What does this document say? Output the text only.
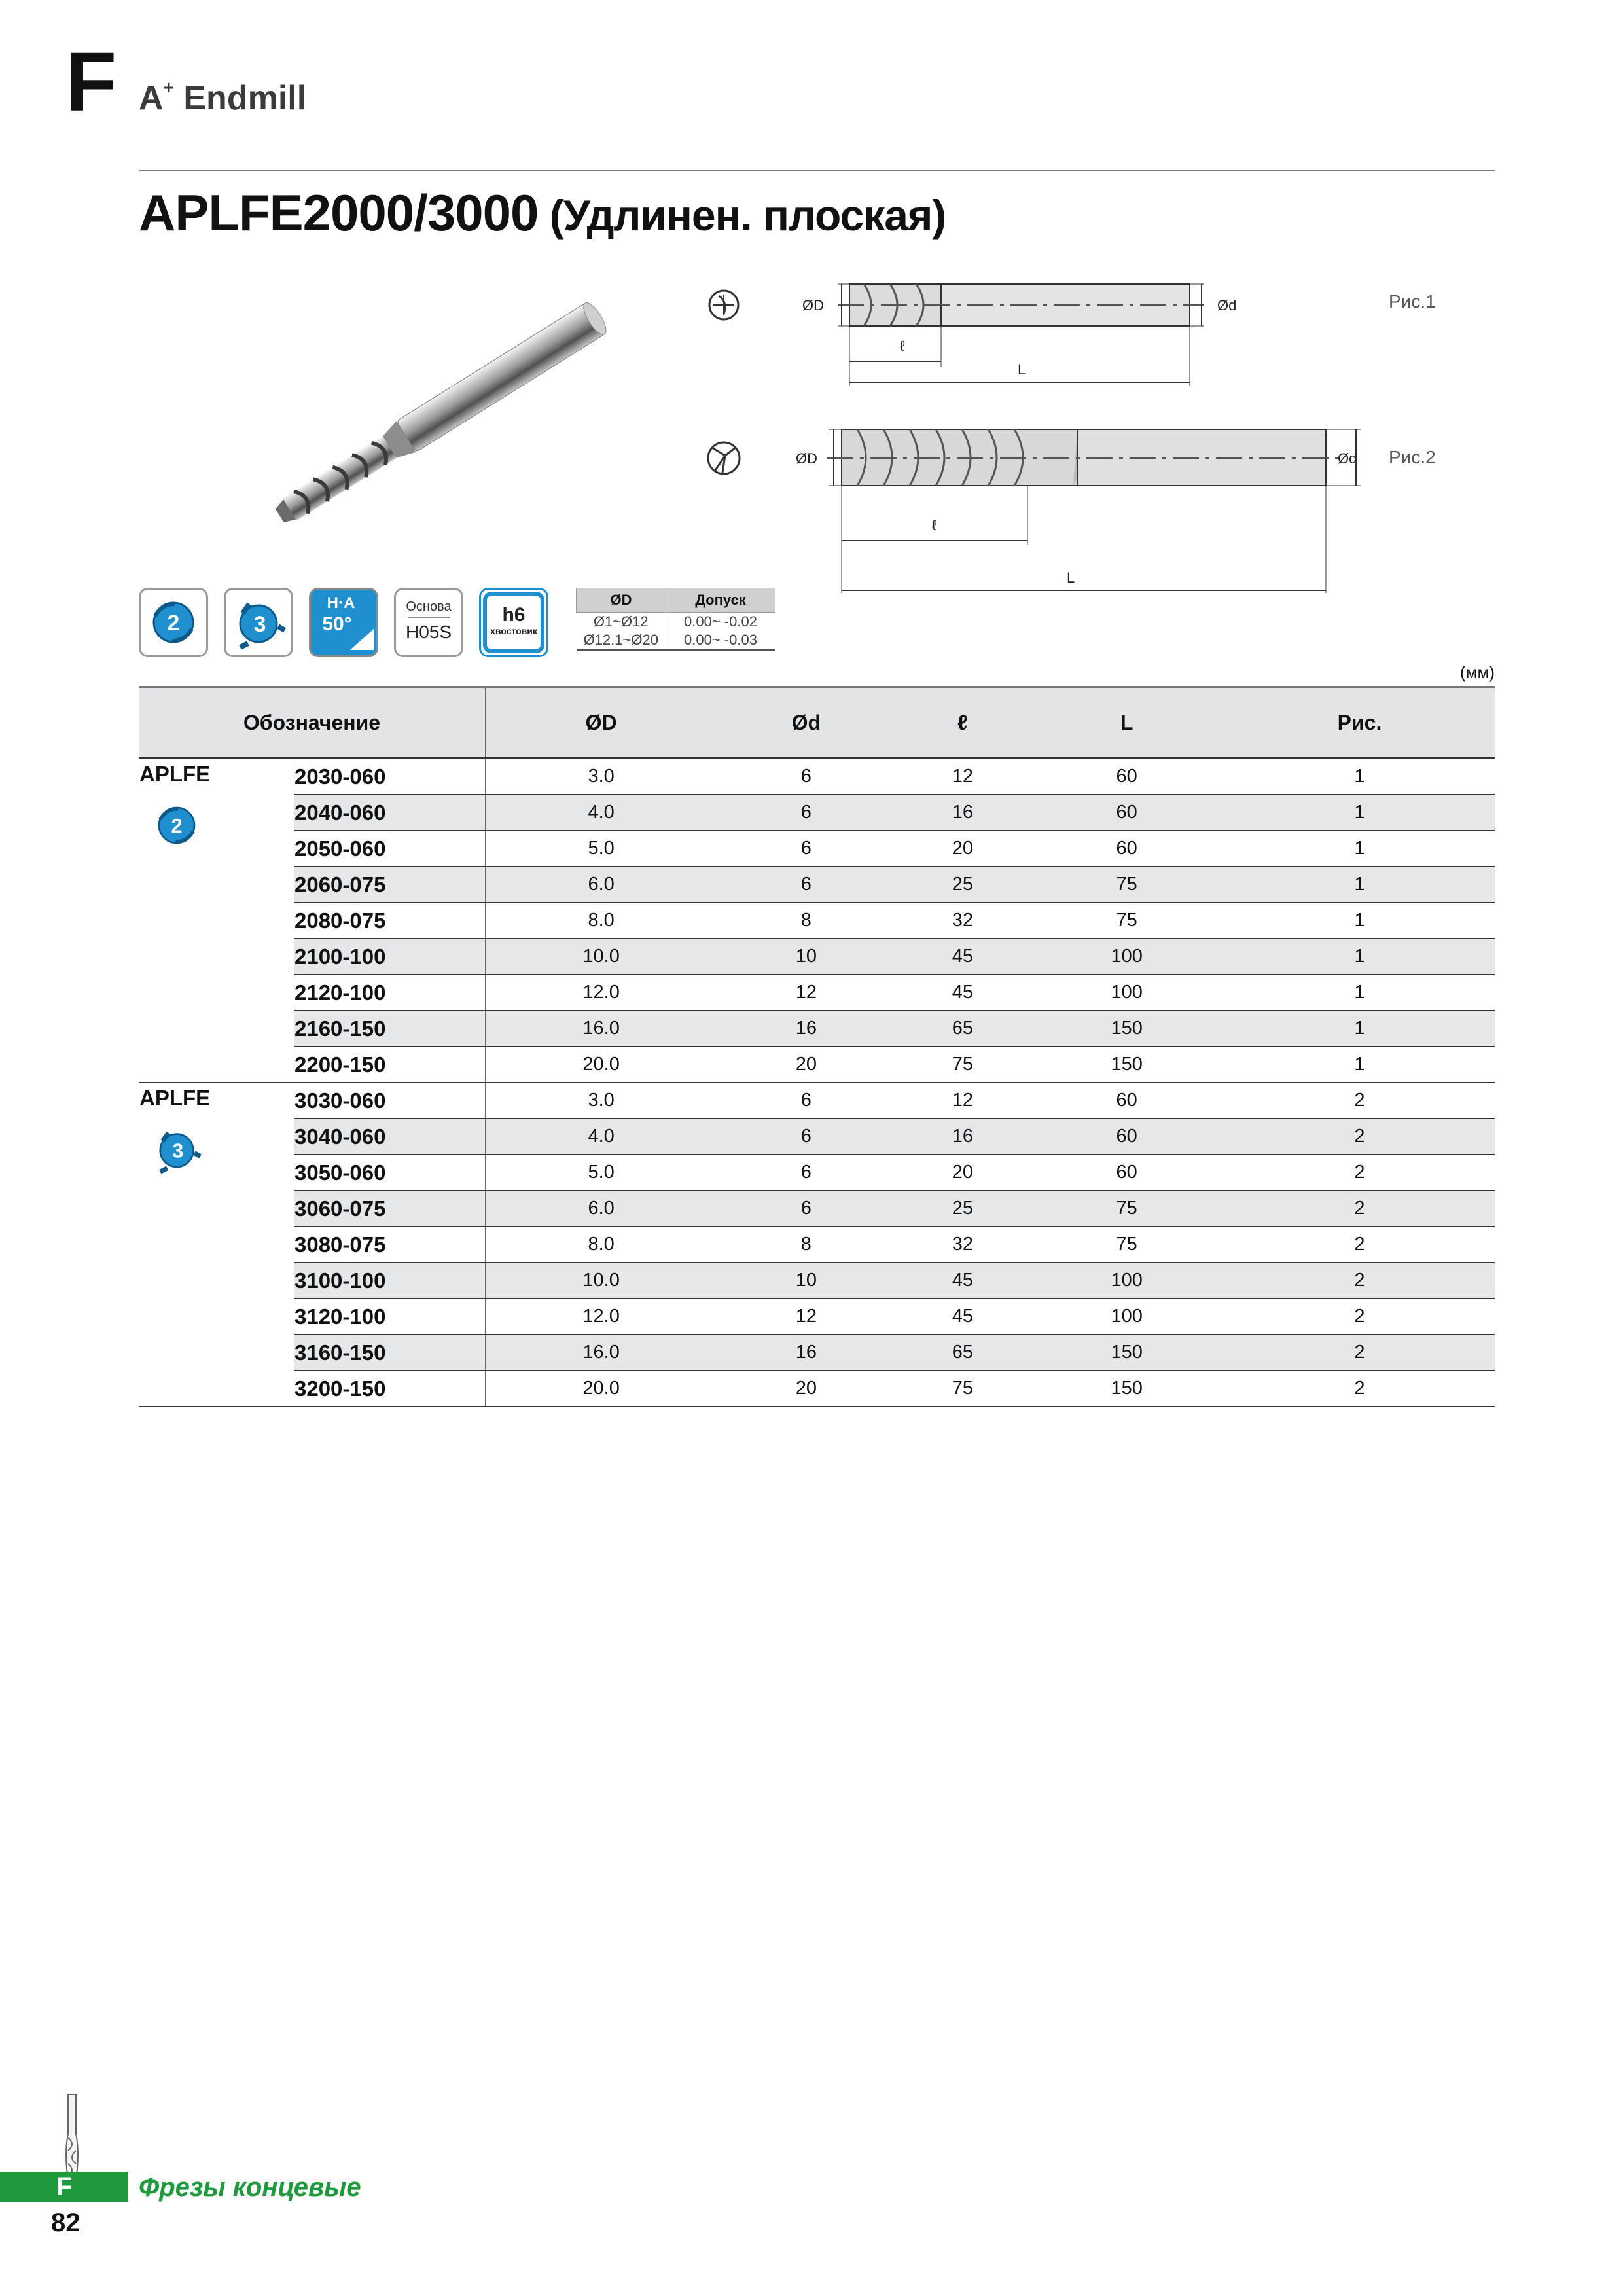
F A+ Endmill
APLFE2000/3000 (Удлинен. плоская)
ØD	Ød
ℓ
L
Рис.1
ØD	Ød
ℓ
L
Рис.2
2	3
H·A
50°
Основа
H05S
h6
хвостовик
ØD	Допуск
Ø1~Ø12	0.00~ -0.02
Ø12.1~Ø20	0.00~ -0.03
(мм)
Обозначение		ØD	Ød	ℓ	L	Рис.
APLFE
2	2030-060	3.0	6	12	60	1
	2040-060	4.0	6	16	60	1
	2050-060	5.0	6	20	60	1
	2060-075	6.0	6	25	75	1
	2080-075	8.0	8	32	75	1
	2100-100	10.0	10	45	100	1
	2120-100	12.0	12	45	100	1
	2160-150	16.0	16	65	150	1
	2200-150	20.0	20	75	150	1
APLFE
3	3030-060	3.0	6	12	60	2
	3040-060	4.0	6	16	60	2
	3050-060	5.0	6	20	60	2
	3060-075	6.0	6	25	75	2
	3080-075	8.0	8	32	75	2
	3100-100	10.0	10	45	100	2
	3120-100	12.0	12	45	100	2
	3160-150	16.0	16	65	150	2
	3200-150	20.0	20	75	150	2
F	Фрезы концевые
82
